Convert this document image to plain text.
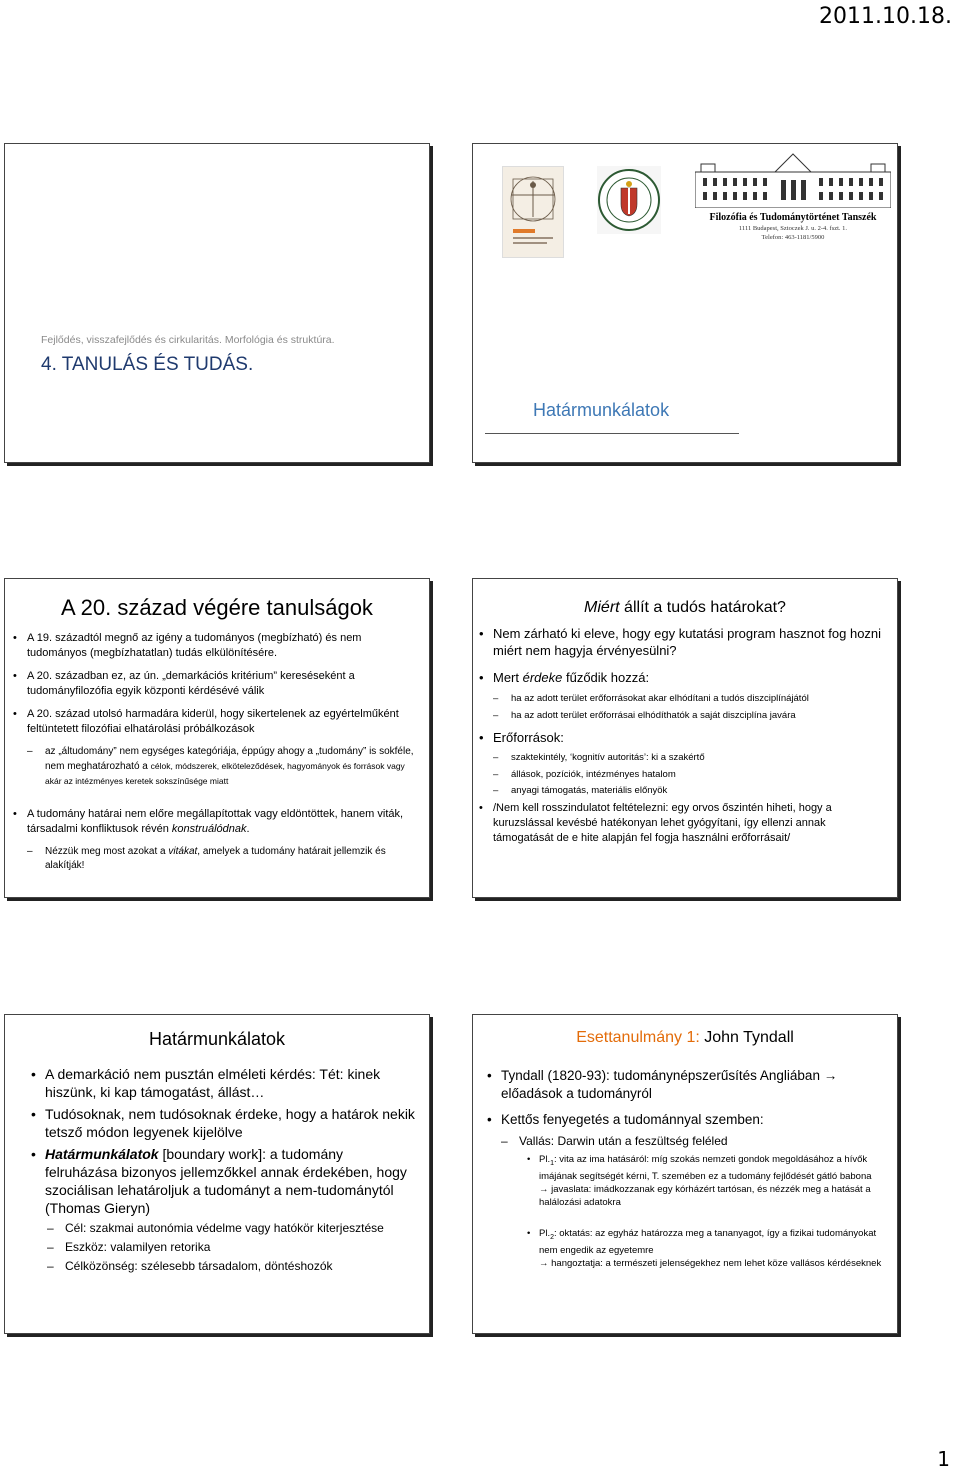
2011.10.18.
Fejlődés, visszafejlődés és cirkularitás. Morfológia és struktúra.
4. TANULÁS ÉS TUDÁS.
Filozófia és Tudománytörténet Tanszék
1111 Budapest, Sztoczek J. u. 2-4. fszt. 1.
Telefon: 463-1181/5900
Határmunkálatok
A 20. század végére tanulságok
• A 19. századtól megnő az igény a tudományos (megbízható) és nem tudományos (megbízhatatlan) tudás elkülönítésére.
• A 20. században ez, az ún. „demarkációs kritérium” kereséseként a tudományfilozófia egyik központi kérdésévé válik
• A 20. század utolsó harmadára kiderül, hogy sikertelenek az egyértelműként feltüntetett filozófiai elhatárolási próbálkozások
– az „áltudomány” nem egységes kategóriája, éppúgy ahogy a „tudomány” is sokféle, nem meghatározható a célok, módszerek, elköteleződések, hagyományok és források vagy akár az intézményes keretek sokszínűsége miatt
• A tudomány határai nem előre megállapítottak vagy eldöntöttek, hanem viták, társadalmi konfliktusok révén konstruálódnak.
– Nézzük meg most azokat a vitákat, amelyek a tudomány határait jellemzik és alakítják!
Miért állít a tudós határokat?
• Nem zárható ki eleve, hogy egy kutatási program hasznot fog hozni miért nem hagyja érvényesülni?
• Mert érdeke fűződik hozzá:
– ha az adott terület erőforrásokat akar elhódítani a tudós diszciplínájától
– ha az adott terület erőforrásai elhódíthatók a saját diszciplína javára
• Erőforrások:
– szaktekintély, ‘kognitív autoritás’: ki a szakértő
– állások, pozíciók, intézményes hatalom
– anyagi támogatás, materiális előnyök
• /Nem kell rosszindulatot feltételezni: egy orvos őszintén hiheti, hogy a kuruzslással kevésbé hatékonyan lehet gyógyítani, így ellenzi annak támogatását de e hite alapján fel fogja használni erőforrásait/
Határmunkálatok
• A demarkáció nem pusztán elméleti kérdés: Tét: kinek hiszünk, ki kap támogatást, állást…
• Tudósoknak, nem tudósoknak érdeke, hogy a határok nekik tetsző módon legyenek kijelölve
• Határmunkálatok [boundary work]: a tudomány felruházása bizonyos jellemzőkkel annak érdekében, hogy szociálisan lehatároljuk a tudományt a nem-tudománytól (Thomas Gieryn)
– Cél: szakmai autonómia védelme vagy hatókör kiterjesztése
– Eszköz: valamilyen retorika
– Célközönség: szélesebb társadalom, döntéshozók
Esettanulmány 1: John Tyndall
• Tyndall (1820-93): tudománynépszerűsítés Angliában →
előadások a tudományról
• Kettős fenyegetés a tudománnyal szemben:
– Vallás: Darwin után a feszültség feléled
• $Pl._1$: vita az ima hatásáról: míg szokás nemzeti gondok megoldásához a hívők imájának segítségét kérni, T. szemében ez a tudomány fejlődését gátló babona
→ javaslata: imádkozzanak egy kórházért tartósan, és nézzék meg a hatását a halálozási adatokra
• $Pl._2$: oktatás: az egyház határozza meg a tananyagot, így a fizikai tudományokat nem engedik az egyetemre
→ hangoztatja: a természeti jelenségekhez nem lehet köze vallásos kérdéseknek
1
